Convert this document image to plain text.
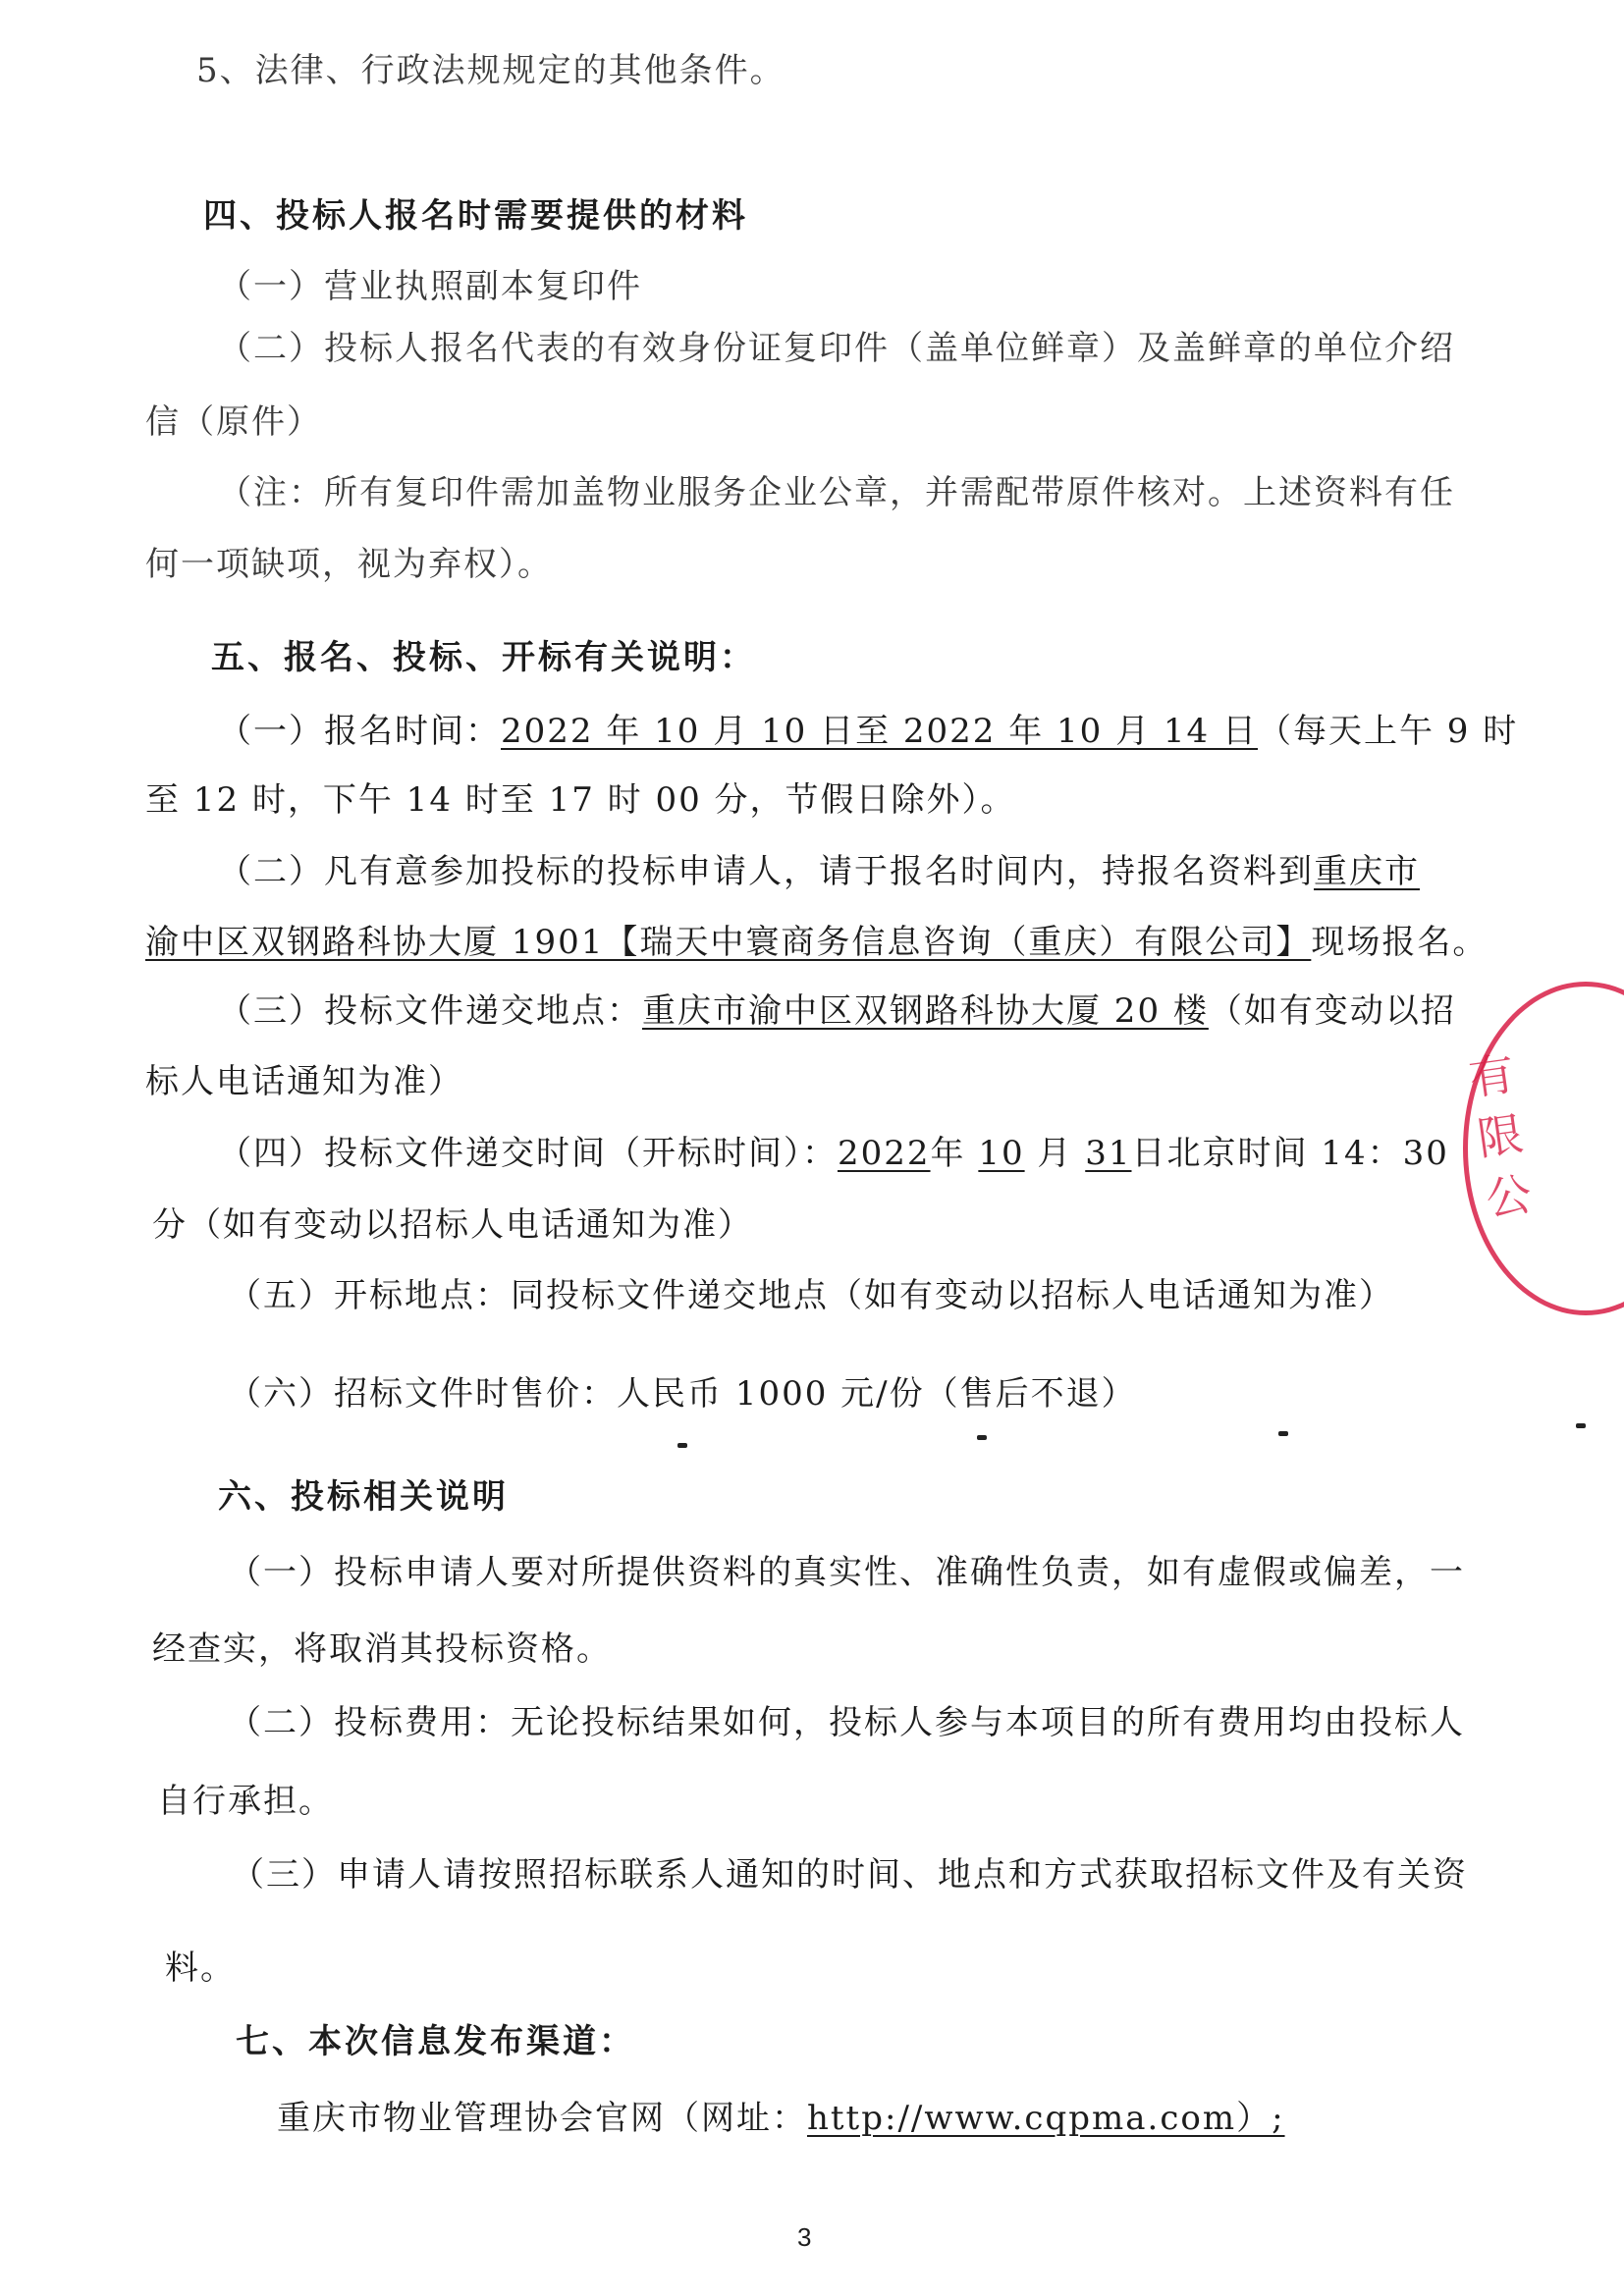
5、法律、行政法规规定的其他条件。
四、投标人报名时需要提供的材料
（一）营业执照副本复印件
（二）投标人报名代表的有效身份证复印件（盖单位鲜章）及盖鲜章的单位介绍
信（原件）
（注：所有复印件需加盖物业服务企业公章，并需配带原件核对。上述资料有任
何一项缺项，视为弃权）。
五、报名、投标、开标有关说明：
（一）报名时间：2022 年 10 月 10 日至 2022 年 10 月 14 日（每天上午 9 时
至 12 时，下午 14 时至 17 时 00 分，节假日除外）。
（二）凡有意参加投标的投标申请人，请于报名时间内，持报名资料到重庆市
渝中区双钢路科协大厦 1901【瑞天中寰商务信息咨询（重庆）有限公司】现场报名。
（三）投标文件递交地点：重庆市渝中区双钢路科协大厦 20 楼（如有变动以招
标人电话通知为准）
（四）投标文件递交时间（开标时间）：2022年 10 月 31日北京时间 14：30
分（如有变动以招标人电话通知为准）
（五）开标地点：同投标文件递交地点（如有变动以招标人电话通知为准）
（六）招标文件时售价：人民币 1000 元/份（售后不退）
六、投标相关说明
（一）投标申请人要对所提供资料的真实性、准确性负责，如有虚假或偏差，一
经查实，将取消其投标资格。
（二）投标费用：无论投标结果如何，投标人参与本项目的所有费用均由投标人
自行承担。
（三）申请人请按照招标联系人通知的时间、地点和方式获取招标文件及有关资
料。
七、本次信息发布渠道：
重庆市物业管理协会官网（网址：http://www.cqpma.com）;
有限公
3
